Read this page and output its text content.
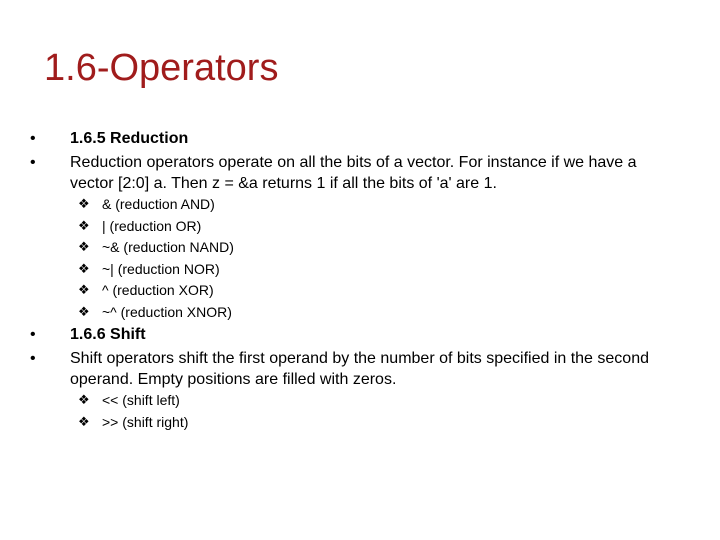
1.6-Operators
•	1.6.5 Reduction
•	Reduction operators operate on all the bits of a vector. For instance if we have a vector [2:0] a. Then z = &a returns 1 if all the bits of 'a' are 1.
❖ & (reduction AND)
❖ | (reduction OR)
❖ ~& (reduction NAND)
❖ ~| (reduction NOR)
❖ ^ (reduction XOR)
❖ ~^ (reduction XNOR)
•	1.6.6 Shift
•	Shift operators shift the first operand by the number of bits specified in the second operand. Empty positions are filled with zeros.
❖ << (shift left)
❖ >> (shift right)
